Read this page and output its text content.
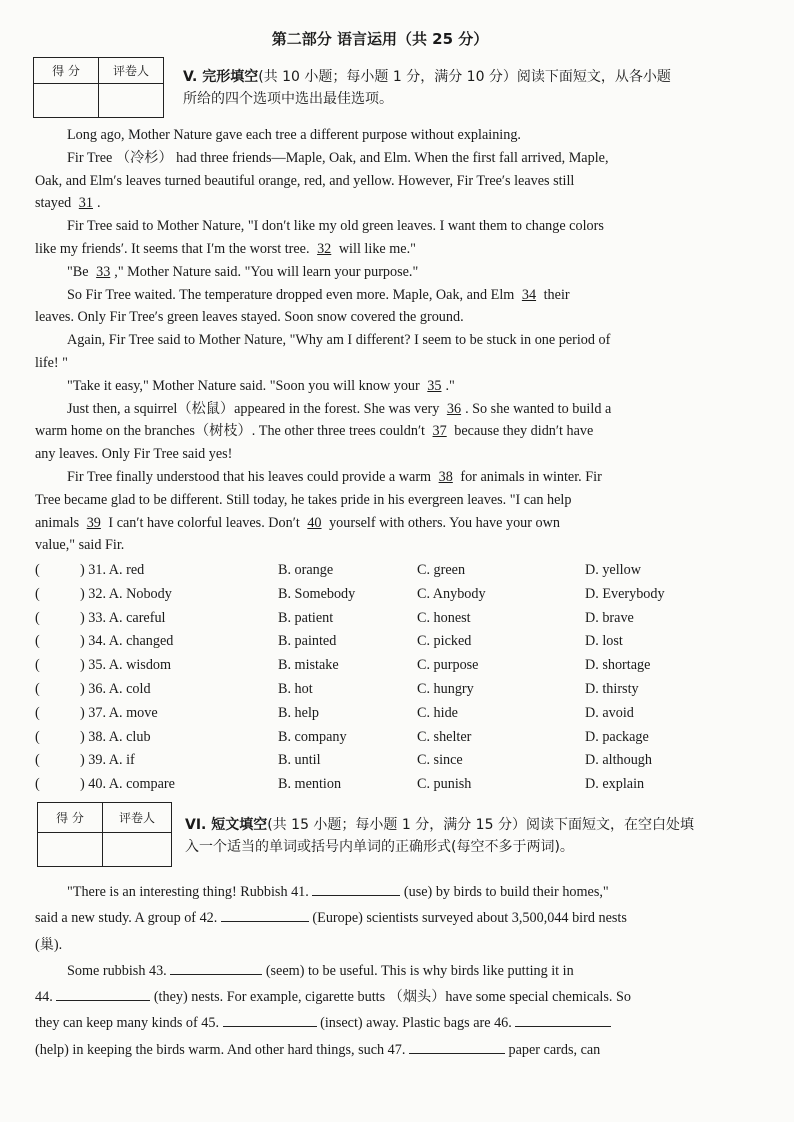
第二部分 语言运用（共 25 分）
得 分	评卷人
	V. 完形填空(共 10 小题；每小题 1 分，满分 10 分）阅读下面短文，从各小题
所给的四个选项中选出最佳选项。
Long ago, Mother Nature gave each tree a different purpose without explaining.
Fir Tree （冷杉） had three friends—Maple, Oak, and Elm. When the first fall arrived, Maple,
Oak, and Elm′s leaves turned beautiful orange, red, and yellow. However, Fir Tree′s leaves still
stayed 31 .
Fir Tree said to Mother Nature, "I don′t like my old green leaves. I want them to change colors
like my friends′. It seems that I′m the worst tree. 32 will like me."
"Be 33 ," Mother Nature said. "You will learn your purpose."
So Fir Tree waited. The temperature dropped even more. Maple, Oak, and Elm 34 their
leaves. Only Fir Tree′s green leaves stayed. Soon snow covered the ground.
Again, Fir Tree said to Mother Nature, "Why am I different? I seem to be stuck in one period of
life! "
"Take it easy," Mother Nature said. "Soon you will know your 35 ."
Just then, a squirrel（松鼠）appeared in the forest. She was very 36 . So she wanted to build a
warm home on the branches（树枝）. The other three trees couldn′t 37 because they didn′t have
any leaves. Only Fir Tree said yes!
Fir Tree finally understood that his leaves could provide a warm 38 for animals in winter. Fir
Tree became glad to be different. Still today, he takes pride in his evergreen leaves. "I can help
animals 39 I can′t have colorful leaves. Don′t 40 yourself with others. You have your own
value," said Fir.
(	) 31. A. red	B. orange	C. green	D. yellow
(	) 32. A. Nobody	B. Somebody	C. Anybody	D. Everybody
(	) 33. A. careful	B. patient	C. honest	D. brave
(	) 34. A. changed	B. painted	C. picked	D. lost
(	) 35. A. wisdom	B. mistake	C. purpose	D. shortage
(	) 36. A. cold	B. hot	C. hungry	D. thirsty
(	) 37. A. move	B. help	C. hide	D. avoid
(	) 38. A. club	B. company	C. shelter	D. package
(	) 39. A. if	B. until	C. since	D. although
(	) 40. A. compare	B. mention	C. punish	D. explain
得 分	评卷人
	VI. 短文填空(共 15 小题；每小题 1 分，满分 15 分）阅读下面短文，在空白处填
入一个适当的单词或括号内单词的正确形式(每空不多于两词)。
"There is an interesting thing! Rubbish 41.	(use) by birds to build their homes,"
said a new study. A group of 42.	(Europe) scientists surveyed about 3,500,044 bird nests
(巢).
Some rubbish 43.	(seem) to be useful. This is why birds like putting it in
44.	(they) nests. For example, cigarette butts （烟头）have some special chemicals. So
they can keep many kinds of 45.	(insect) away. Plastic bags are 46.
(help) in keeping the birds warm. And other hard things, such 47.	paper cards, can
